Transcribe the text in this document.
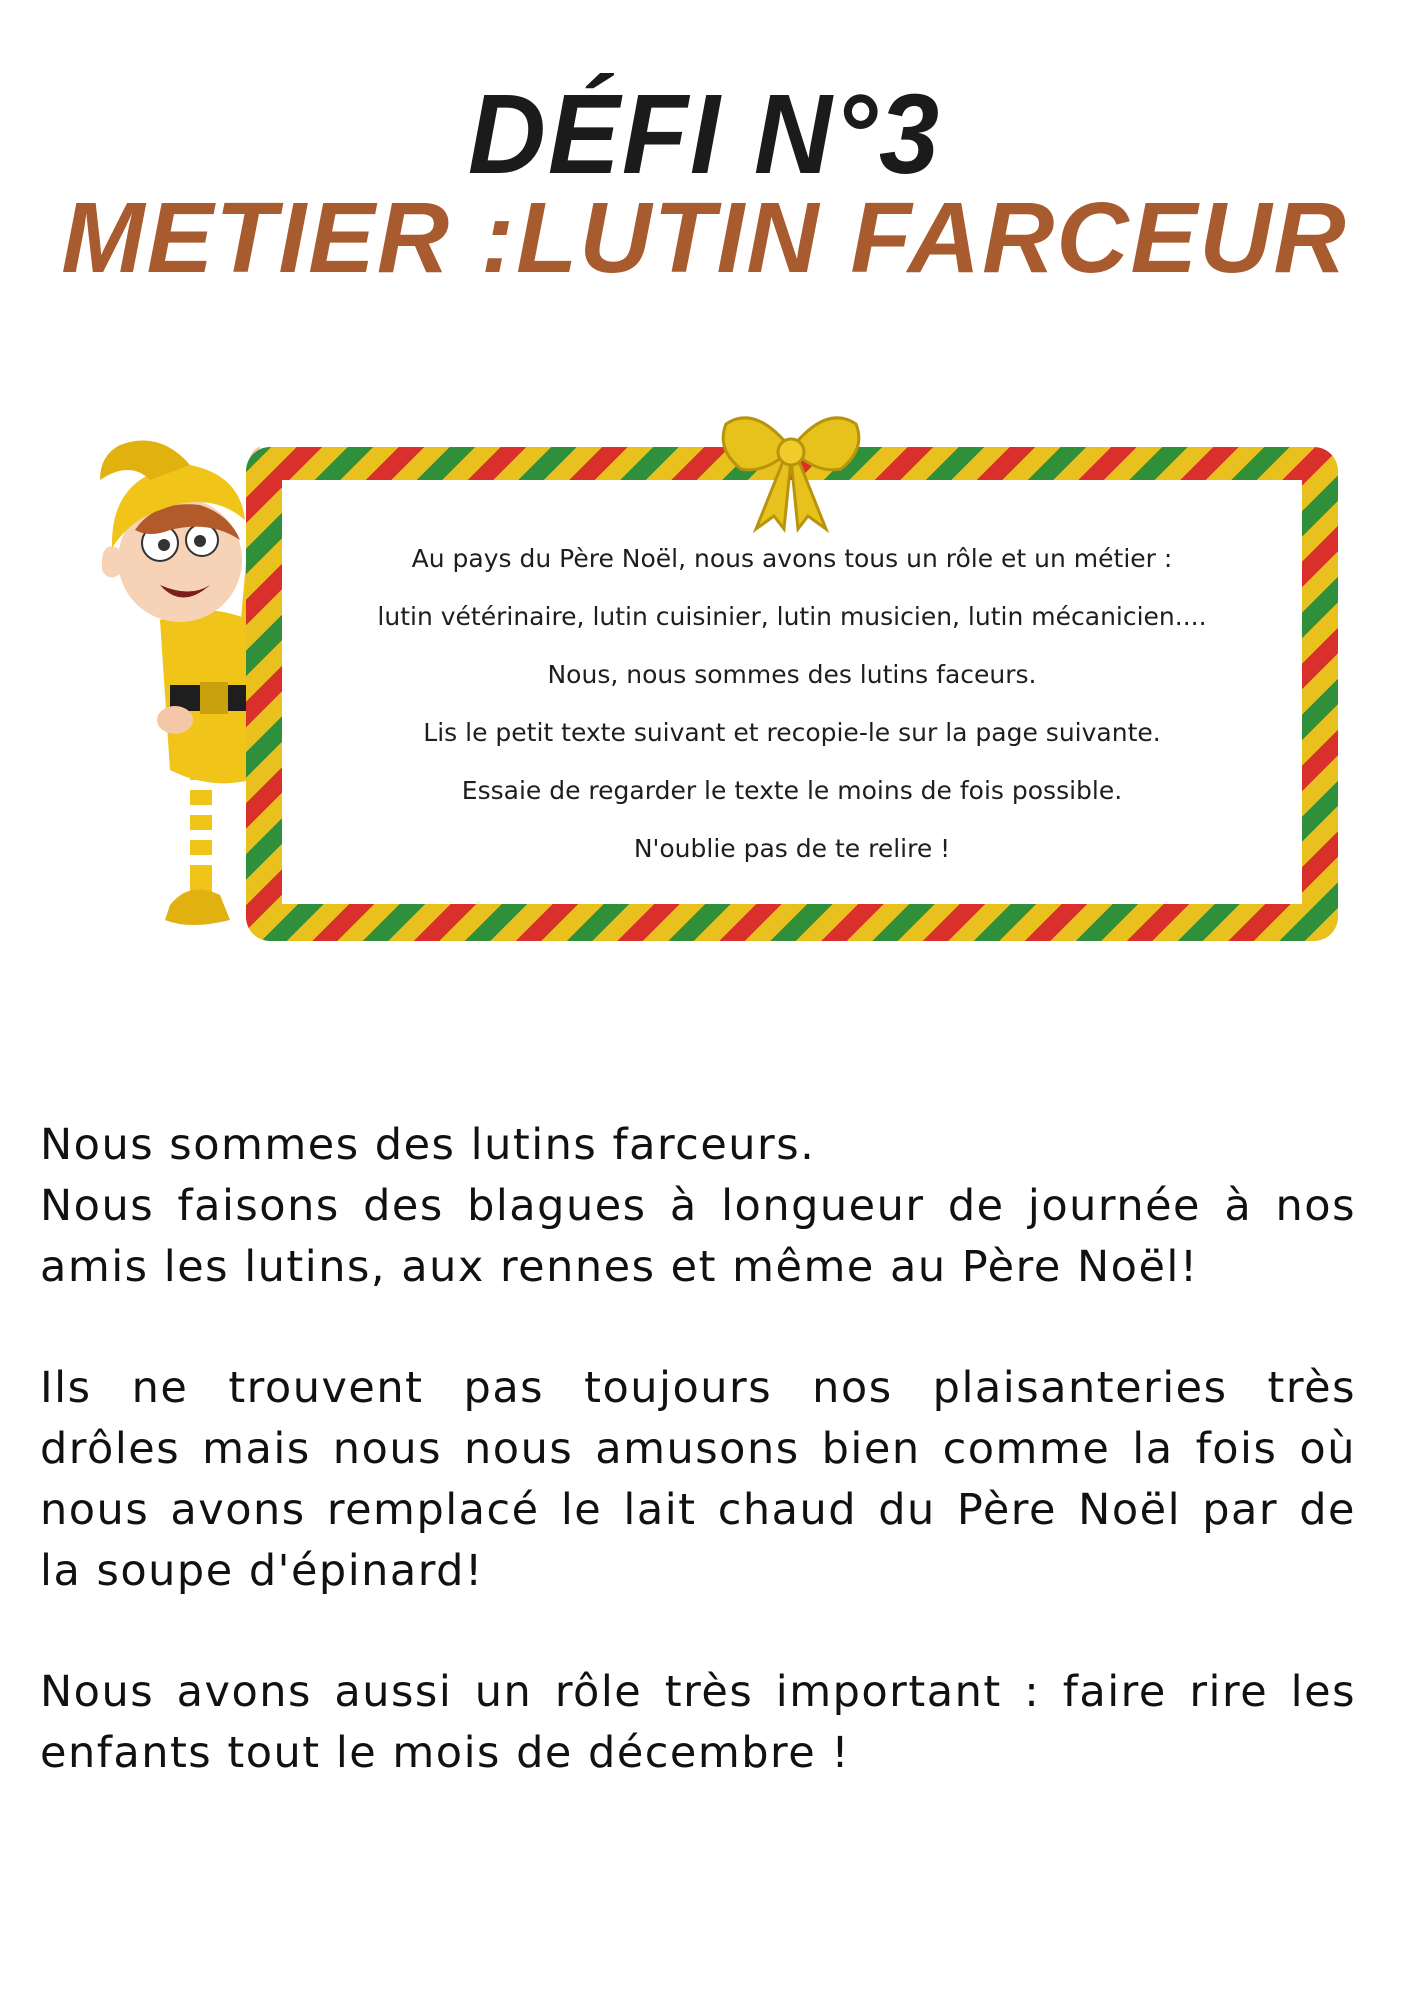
DÉFI N°3
METIER :LUTIN FARCEUR
Au pays du Père Noël, nous avons tous un rôle et un métier :
lutin vétérinaire, lutin cuisinier, lutin musicien, lutin mécanicien....
Nous, nous sommes des lutins faceurs.
Lis le petit texte suivant et recopie-le sur la page suivante.
Essaie de regarder le texte le moins de fois possible.
N'oublie pas de te relire !

Nous sommes des lutins farceurs.
Nous faisons des blagues à longueur de journée à nos
amis les lutins, aux rennes et même au Père Noël!

Ils ne trouvent pas toujours nos plaisanteries très
drôles mais nous nous amusons bien comme la fois où
nous avons remplacé le lait chaud du Père Noël par de
la soupe d'épinard!

Nous avons aussi un rôle très important : faire rire les
enfants tout le mois de décembre !
